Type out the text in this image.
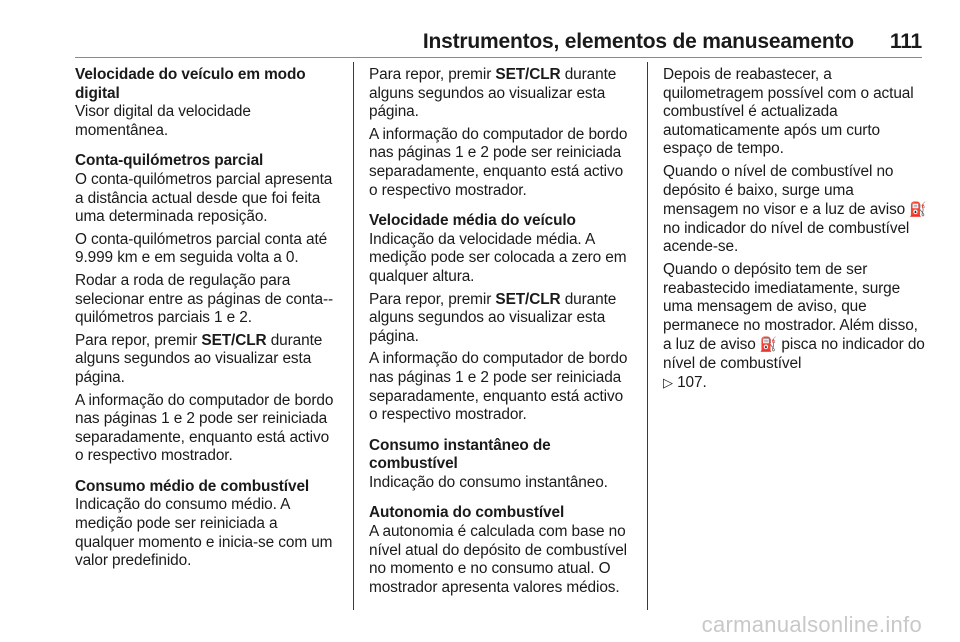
Instrumentos, elementos de manuseamento 111
Velocidade do veículo em modo
digital

Visor digital da velocidade momentânea.

Conta-quilómetros parcial

O conta-quilómetros parcial apresenta a distância actual desde que foi feita uma determinada reposição.

O conta-quilómetros parcial conta até 9.999 km e em seguida volta a 0.

Rodar a roda de regulação para selecionar entre as páginas de conta--quilómetros parciais 1 e 2.

Para repor, premir SET/CLR durante alguns segundos ao visualizar esta página.

A informação do computador de bordo nas páginas 1 e 2 pode ser reiniciada separadamente, enquanto está activo o respectivo mostrador.

Consumo médio de combustível

Indicação do consumo médio. A medição pode ser reiniciada a qualquer momento e inicia-se com um valor predefinido.

Para repor, premir SET/CLR durante alguns segundos ao visualizar esta página.

A informação do computador de bordo nas páginas 1 e 2 pode ser reiniciada separadamente, enquanto está activo o respectivo mostrador.

Velocidade média do veículo

Indicação da velocidade média. A medição pode ser colocada a zero em qualquer altura.

Para repor, premir SET/CLR durante alguns segundos ao visualizar esta página.

A informação do computador de bordo nas páginas 1 e 2 pode ser reiniciada separadamente, enquanto está activo o respectivo mostrador.

Consumo instantâneo de
combustível

Indicação do consumo instantâneo.

Autonomia do combustível

A autonomia é calculada com base no nível atual do depósito de combustível no momento e no consumo atual. O mostrador apresenta valores médios.

Depois de reabastecer, a quilometragem possível com o actual combustível é actualizada automaticamente após um curto espaço de tempo.

Quando o nível de combustível no depósito é baixo, surge uma mensagem no visor e a luz de aviso ⛽ no indicador do nível de combustível acende-se.

Quando o depósito tem de ser reabastecido imediatamente, surge uma mensagem de aviso, que permanece no mostrador. Além disso, a luz de aviso ⛽ pisca no indicador do nível de combustível
▷ 107.

carmanualsonline.info
